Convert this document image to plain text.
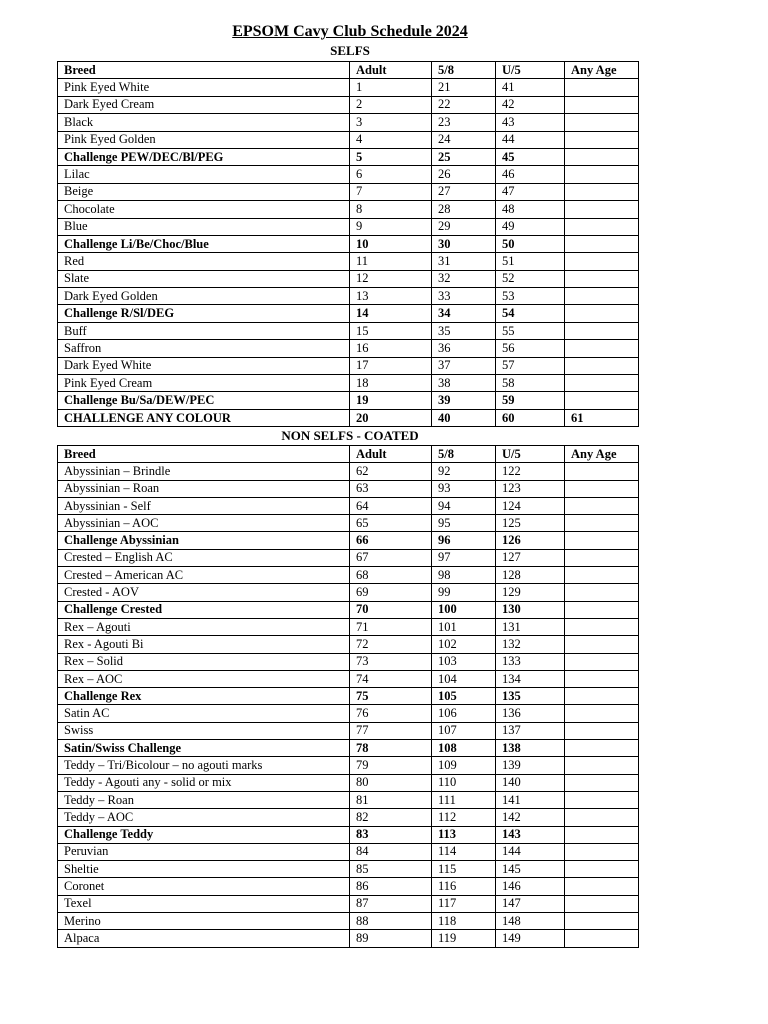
EPSOM Cavy Club Schedule 2024
SELFS
Breed	Adult	5/8	U/5	Any Age
Pink Eyed White	1	21	41	
Dark Eyed Cream	2	22	42	
Black	3	23	43	
Pink Eyed Golden	4	24	44	
Challenge PEW/DEC/Bl/PEG	5	25	45	
Lilac	6	26	46	
Beige	7	27	47	
Chocolate	8	28	48	
Blue	9	29	49	
Challenge Li/Be/Choc/Blue	10	30	50	
Red	11	31	51	
Slate	12	32	52	
Dark Eyed Golden	13	33	53	
Challenge R/Sl/DEG	14	34	54	
Buff	15	35	55	
Saffron	16	36	56	
Dark Eyed White	17	37	57	
Pink Eyed Cream	18	38	58	
Challenge Bu/Sa/DEW/PEC	19	39	59	
CHALLENGE ANY COLOUR	20	40	60	61
NON SELFS - COATED
Breed	Adult	5/8	U/5	Any Age
Abyssinian – Brindle	62	92	122	
Abyssinian – Roan	63	93	123	
Abyssinian - Self	64	94	124	
Abyssinian – AOC	65	95	125	
Challenge Abyssinian	66	96	126	
Crested – English AC	67	97	127	
Crested – American AC	68	98	128	
Crested - AOV	69	99	129	
Challenge Crested	70	100	130	
Rex – Agouti	71	101	131	
Rex - Agouti Bi	72	102	132	
Rex – Solid	73	103	133	
Rex – AOC	74	104	134	
Challenge Rex	75	105	135	
Satin AC	76	106	136	
Swiss	77	107	137	
Satin/Swiss Challenge	78	108	138	
Teddy – Tri/Bicolour – no agouti marks	79	109	139	
Teddy - Agouti any - solid or mix	80	110	140	
Teddy – Roan	81	111	141	
Teddy – AOC	82	112	142	
Challenge Teddy	83	113	143	
Peruvian	84	114	144	
Sheltie	85	115	145	
Coronet	86	116	146	
Texel	87	117	147	
Merino	88	118	148	
Alpaca	89	119	149	
